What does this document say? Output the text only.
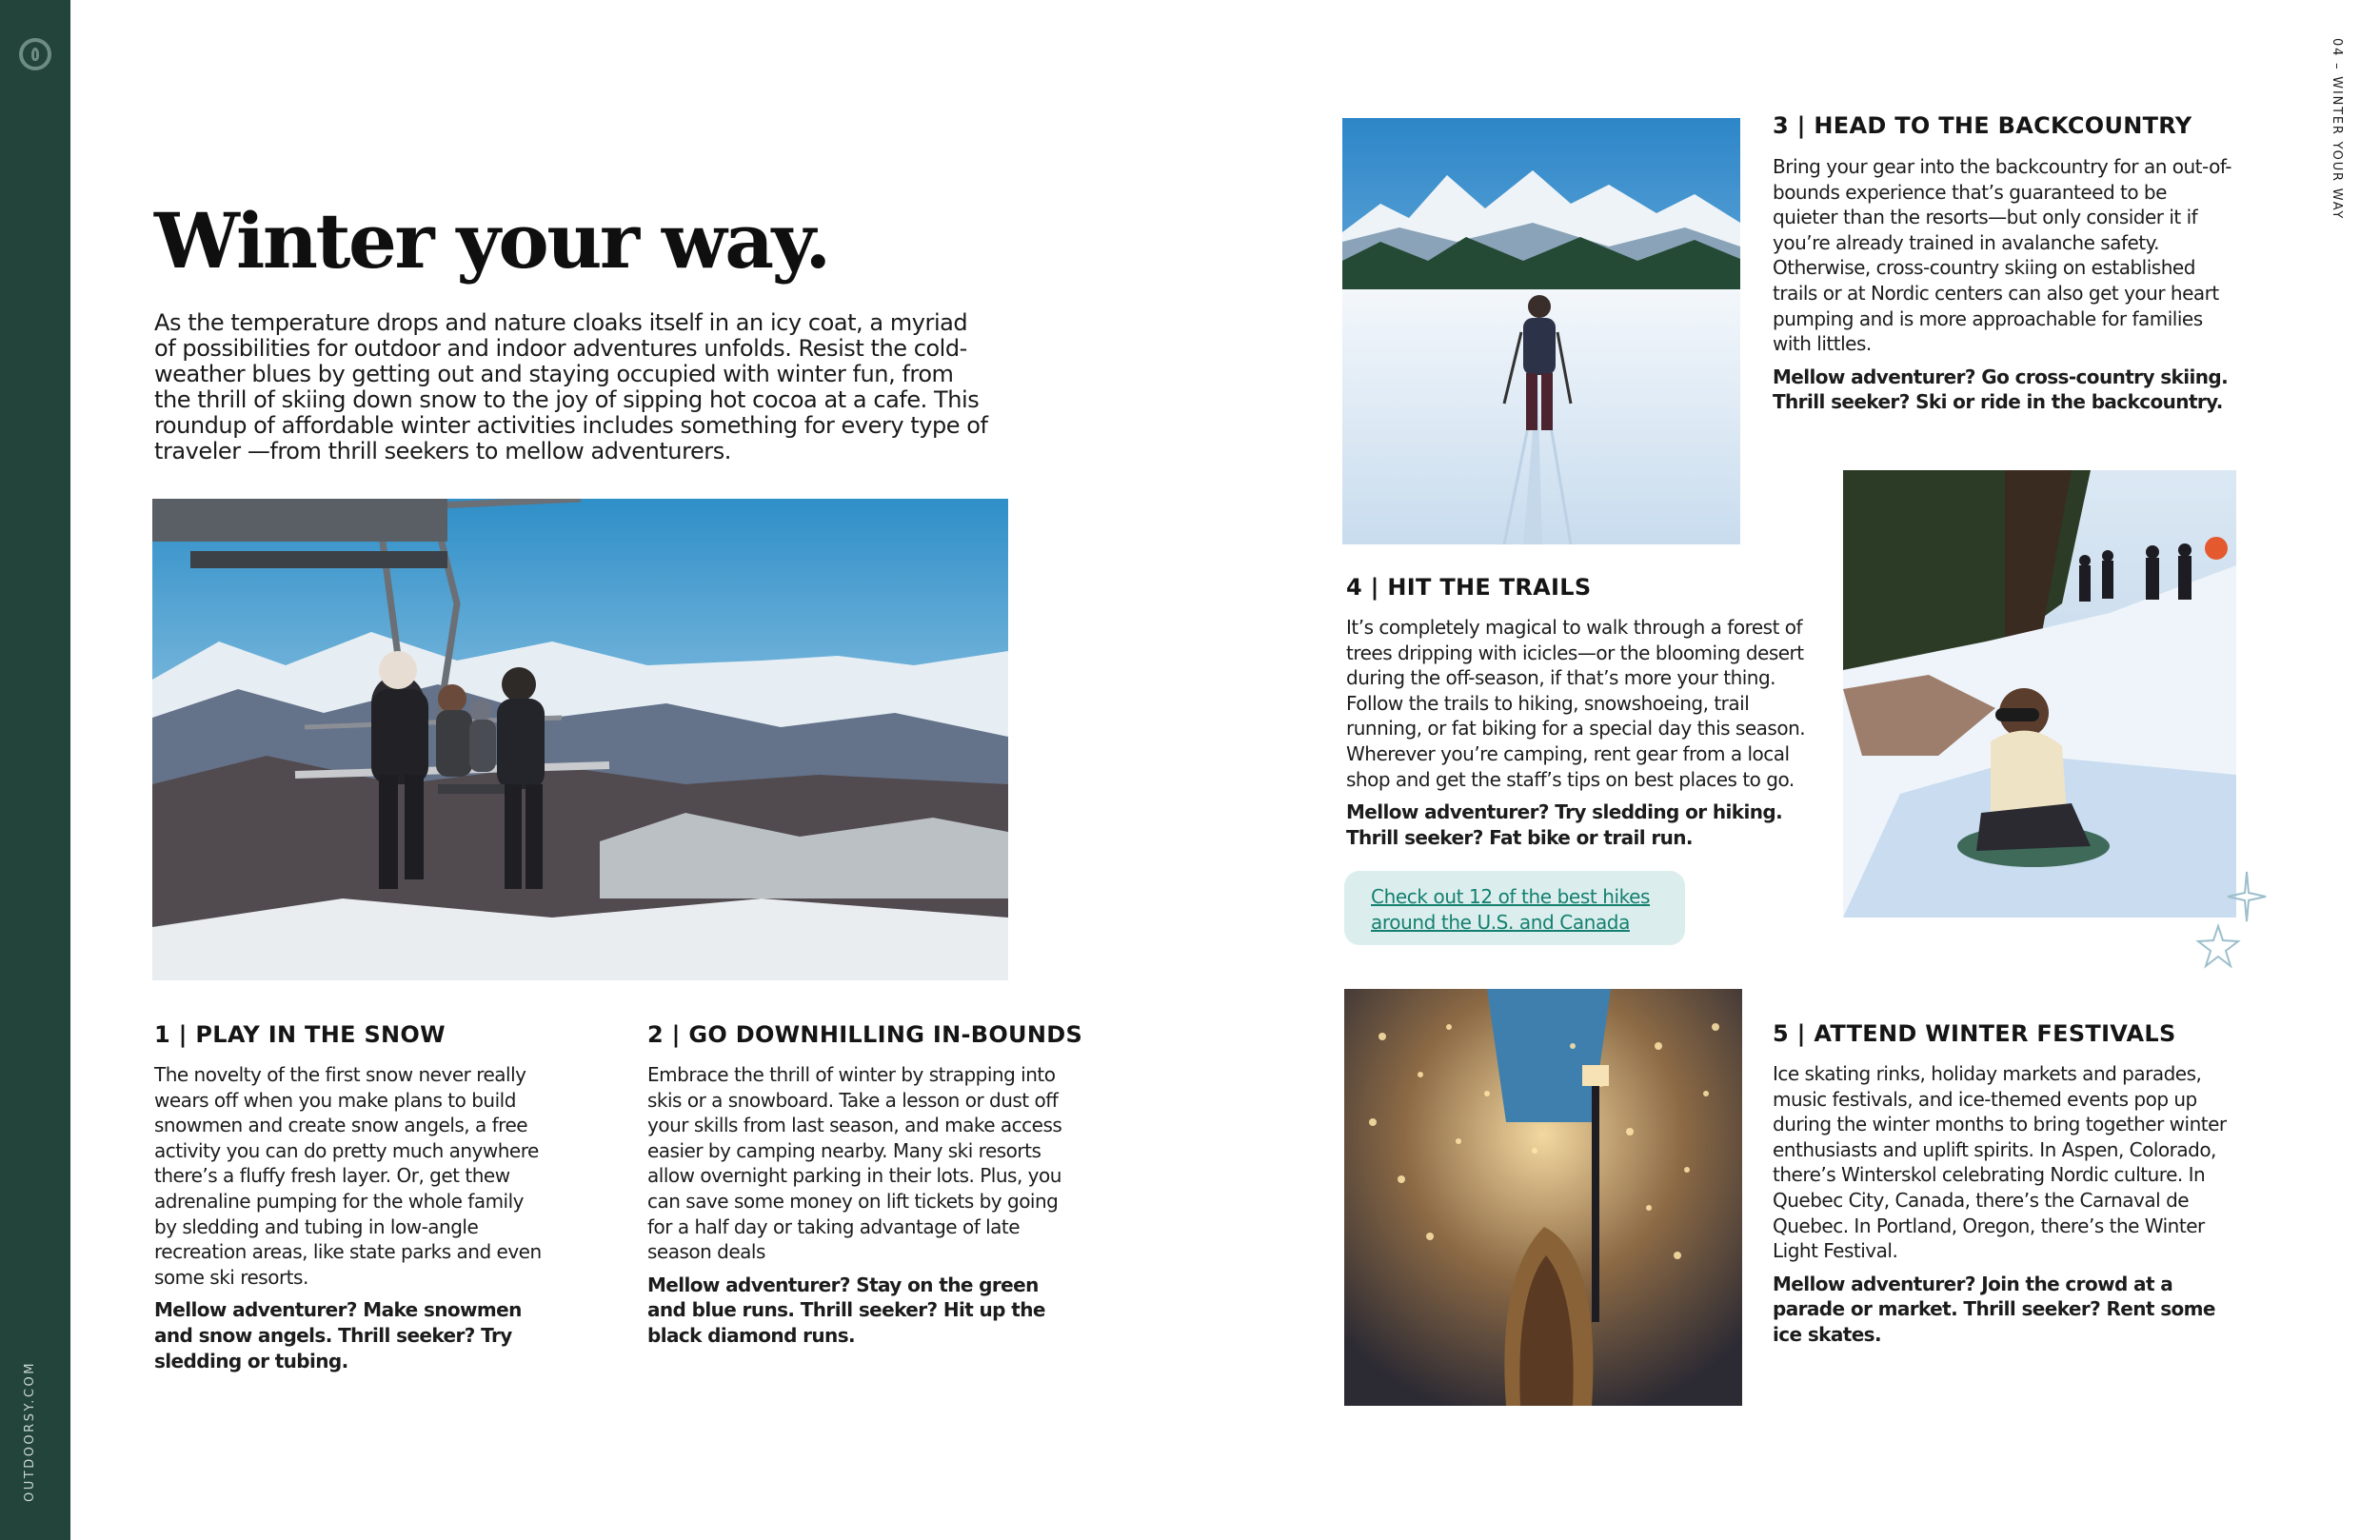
OUTDOORSY.COM
04 – WINTER YOUR WAY
Winter your way.

As the temperature drops and nature cloaks itself in an icy coat, a myriad of possibilities for outdoor and indoor adventures unfolds. Resist the cold-weather blues by getting out and staying occupied with winter fun, from the thrill of skiing down snow to the joy of sipping hot cocoa at a cafe. This roundup of affordable winter activities includes something for every type of traveler —from thrill seekers to mellow adventurers.

1 | PLAY IN THE SNOW

The novelty of the first snow never really wears off when you make plans to build snowmen and create snow angels, a free activity you can do pretty much anywhere there’s a fluffy fresh layer. Or, get thew adrenaline pumping for the whole family by sledding and tubing in low-angle recreation areas, like state parks and even some ski resorts.

Mellow adventurer? Make snowmen and snow angels. Thrill seeker? Try sledding or tubing.

2 | GO DOWNHILLING IN-BOUNDS

Embrace the thrill of winter by strapping into skis or a snowboard. Take a lesson or dust off your skills from last season, and make access easier by camping nearby. Many ski resorts allow overnight parking in their lots. Plus, you can save some money on lift tickets by going for a half day or taking advantage of late season deals

Mellow adventurer? Stay on the green and blue runs. Thrill seeker? Hit up the black diamond runs.

3 | HEAD TO THE BACKCOUNTRY

Bring your gear into the backcountry for an out-of-bounds experience that’s guaranteed to be quieter than the resorts—but only consider it if you’re already trained in avalanche safety. Otherwise, cross-country skiing on established trails or at Nordic centers can also get your heart pumping and is more approachable for families with littles.

Mellow adventurer? Go cross-country skiing. Thrill seeker? Ski or ride in the backcountry.

4 | HIT THE TRAILS

It’s completely magical to walk through a forest of trees dripping with icicles—or the blooming desert during the off-season, if that’s more your thing. Follow the trails to hiking, snowshoeing, trail running, or fat biking for a special day this season. Wherever you’re camping, rent gear from a local shop and get the staff’s tips on best places to go.

Mellow adventurer? Try sledding or hiking. Thrill seeker? Fat bike or trail run.

Check out 12 of the best hikes around the U.S. and Canada
5 | ATTEND WINTER FESTIVALS

Ice skating rinks, holiday markets and parades, music festivals, and ice-themed events pop up during the winter months to bring together winter enthusiasts and uplift spirits. In Aspen, Colorado, there’s Winterskol celebrating Nordic culture. In Quebec City, Canada, there’s the Carnaval de Quebec. In Portland, Oregon, there’s the Winter Light Festival.

Mellow adventurer? Join the crowd at a parade or market. Thrill seeker? Rent some ice skates.
